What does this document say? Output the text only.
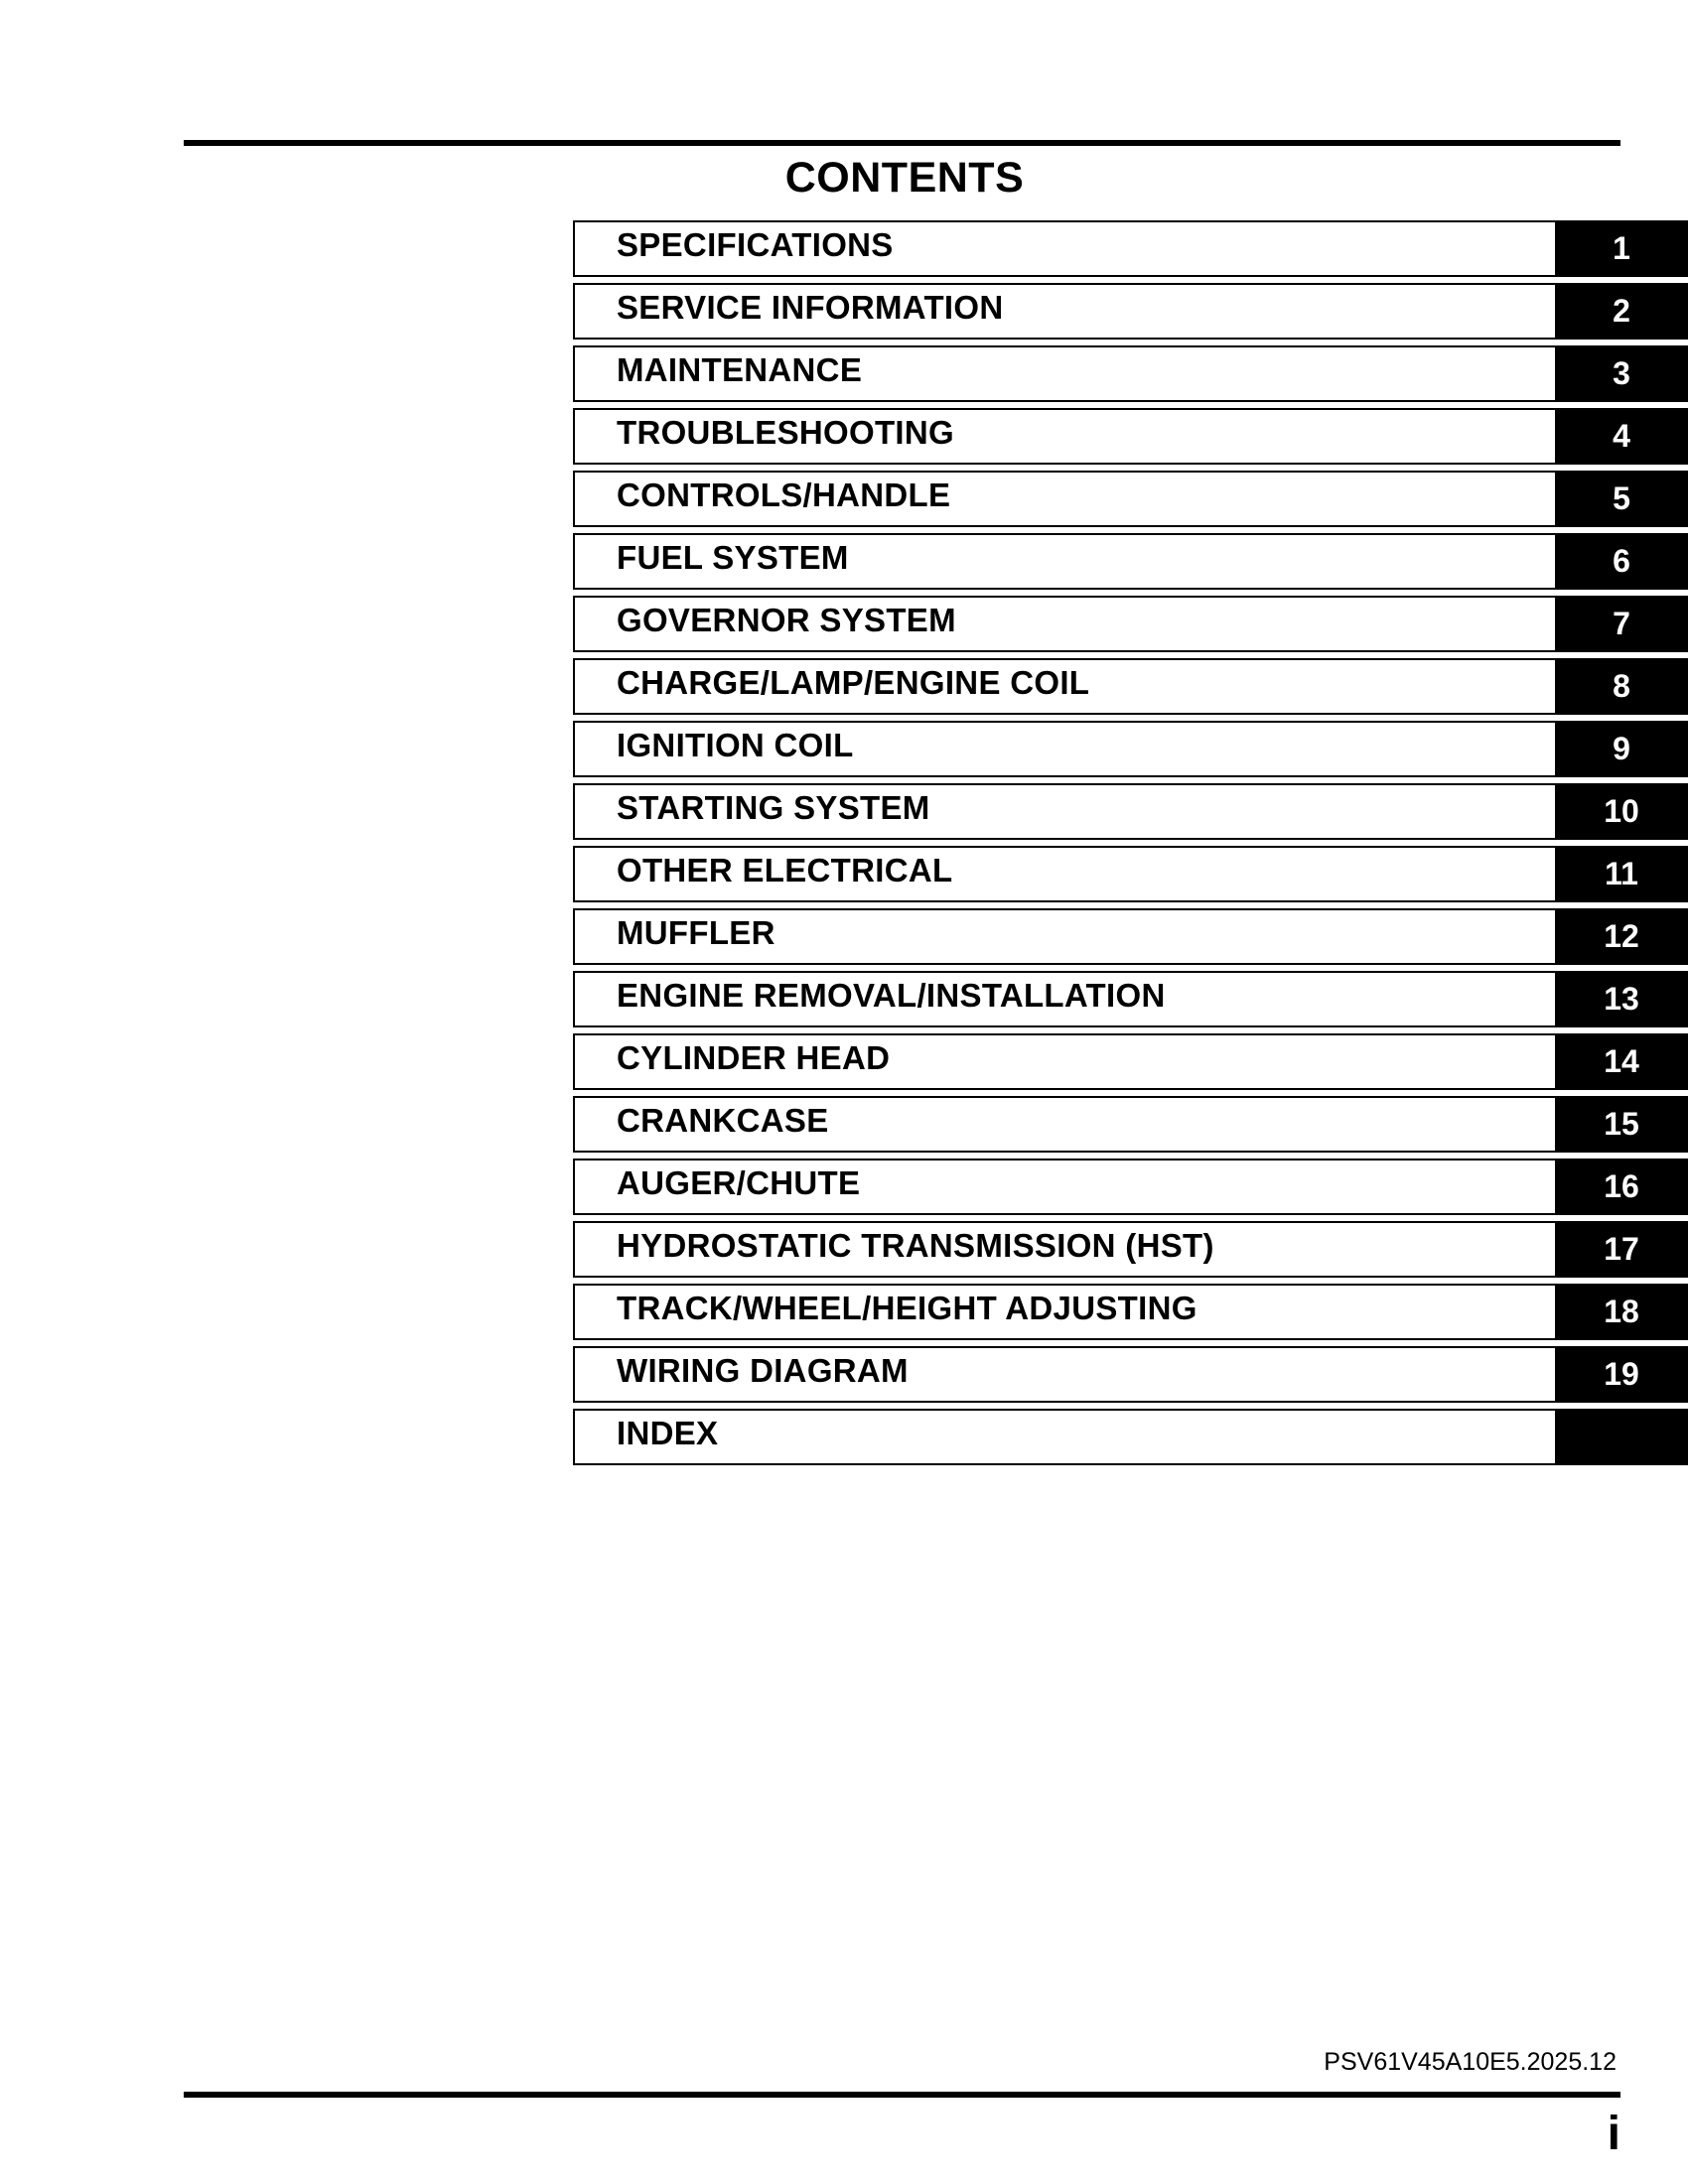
CONTENTS
SPECIFICATIONS	1
SERVICE INFORMATION	2
MAINTENANCE	3
TROUBLESHOOTING	4
CONTROLS/HANDLE	5
FUEL SYSTEM	6
GOVERNOR SYSTEM	7
CHARGE/LAMP/ENGINE COIL	8
IGNITION COIL	9
STARTING SYSTEM	10
OTHER ELECTRICAL	11
MUFFLER	12
ENGINE REMOVAL/INSTALLATION	13
CYLINDER HEAD	14
CRANKCASE	15
AUGER/CHUTE	16
HYDROSTATIC TRANSMISSION (HST)	17
TRACK/WHEEL/HEIGHT ADJUSTING	18
WIRING DIAGRAM	19
INDEX
PSV61V45A10E5.2025.12
i
